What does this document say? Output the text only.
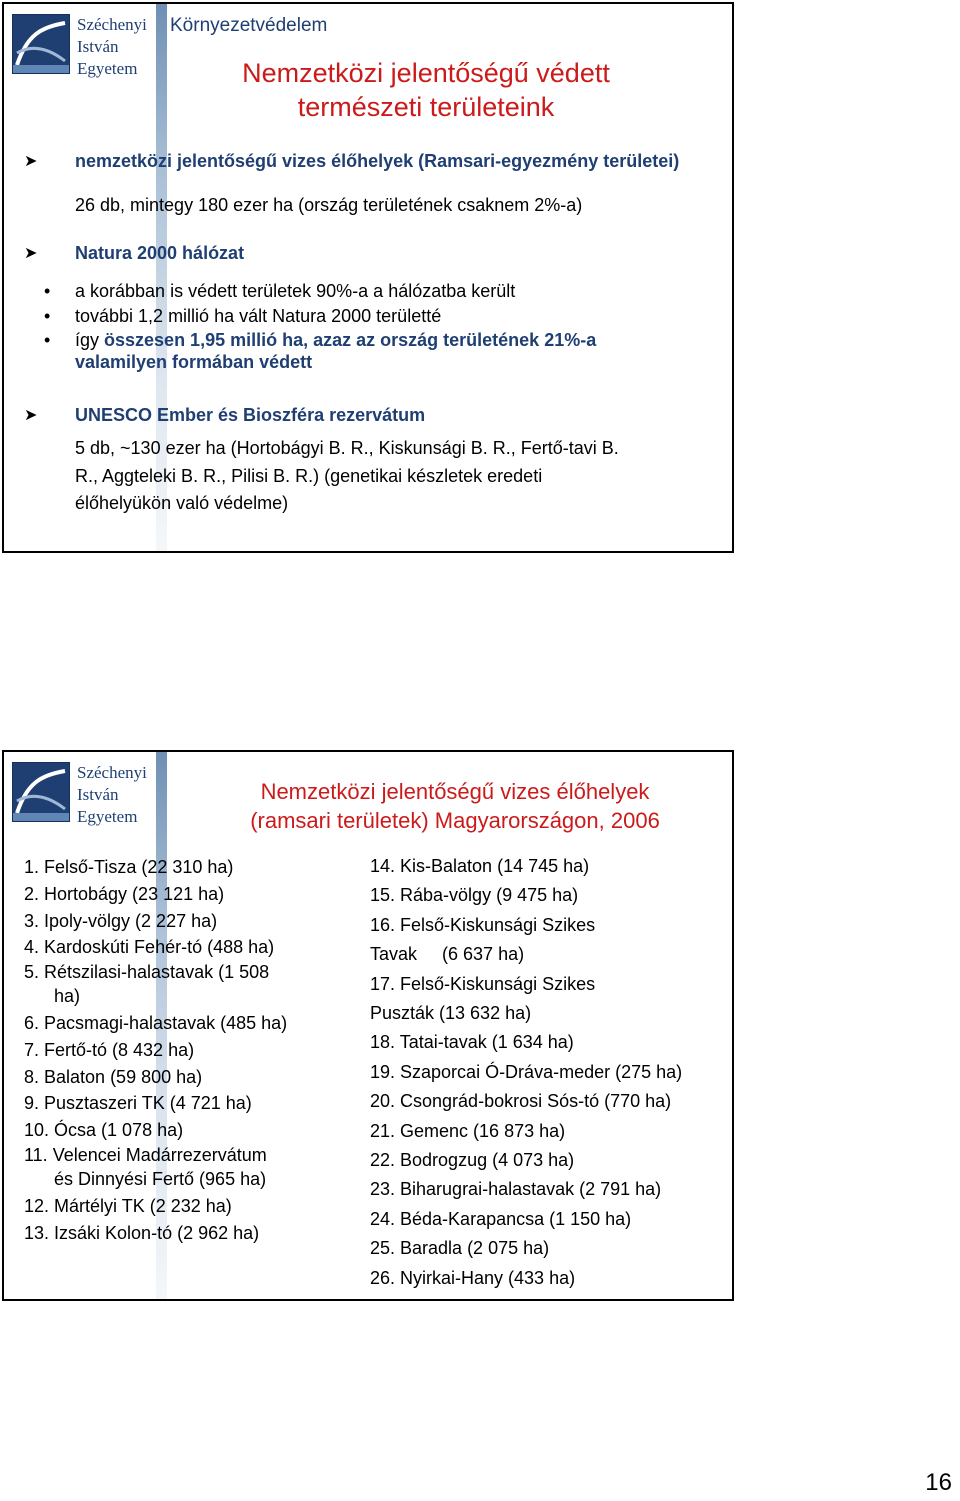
Széchenyi
István
Egyetem
Környezetvédelem
Nemzetközi jelentőségű védett
természeti területeink
➤ nemzetközi jelentőségű vizes élőhelyek (Ramsari-egyezmény területei)
26 db, mintegy 180 ezer ha (ország területének csaknem 2%-a)
➤ Natura 2000 hálózat
• a korábban is védett területek 90%-a a hálózatba került
• további 1,2 millió ha vált Natura 2000 területté
• így összesen 1,95 millió ha, azaz az ország területének 21%-a valamilyen formában védett
➤ UNESCO Ember és Bioszféra rezervátum
5 db, ~130 ezer ha (Hortobágyi B. R., Kiskunsági B. R., Fertő-tavi B.
R., Aggteleki B. R., Pilisi B. R.) (genetikai készletek eredeti
élőhelyükön való védelme)
Széchenyi
István
Egyetem
Nemzetközi jelentőségű vizes élőhelyek
(ramsari területek) Magyarországon, 2006
1. Felső-Tisza (22 310 ha)
2. Hortobágy (23 121 ha)
3. Ipoly-völgy (2 227 ha)
4. Kardoskúti Fehér-tó (488 ha)
5. Rétszilasi-halastavak (1 508
ha)
6. Pacsmagi-halastavak (485 ha)
7. Fertő-tó (8 432 ha)
8. Balaton (59 800 ha)
9. Pusztaszeri TK (4 721 ha)
10. Ócsa (1 078 ha)
11. Velencei Madárrezervátum
és Dinnyési Fertő (965 ha)
12. Mártélyi TK (2 232 ha)
13. Izsáki Kolon-tó (2 962 ha)
14. Kis-Balaton (14 745 ha)
15. Rába-völgy (9 475 ha)
16. Felső-Kiskunsági Szikes
Tavak     (6 637 ha)
17. Felső-Kiskunsági Szikes
Puszták (13 632 ha)
18. Tatai-tavak (1 634 ha)
19. Szaporcai Ó-Dráva-meder (275 ha)
20. Csongrád-bokrosi Sós-tó (770 ha)
21. Gemenc (16 873 ha)
22. Bodrogzug (4 073 ha)
23. Biharugrai-halastavak (2 791 ha)
24. Béda-Karapancsa (1 150 ha)
25. Baradla (2 075 ha)
26. Nyirkai-Hany (433 ha)
16
